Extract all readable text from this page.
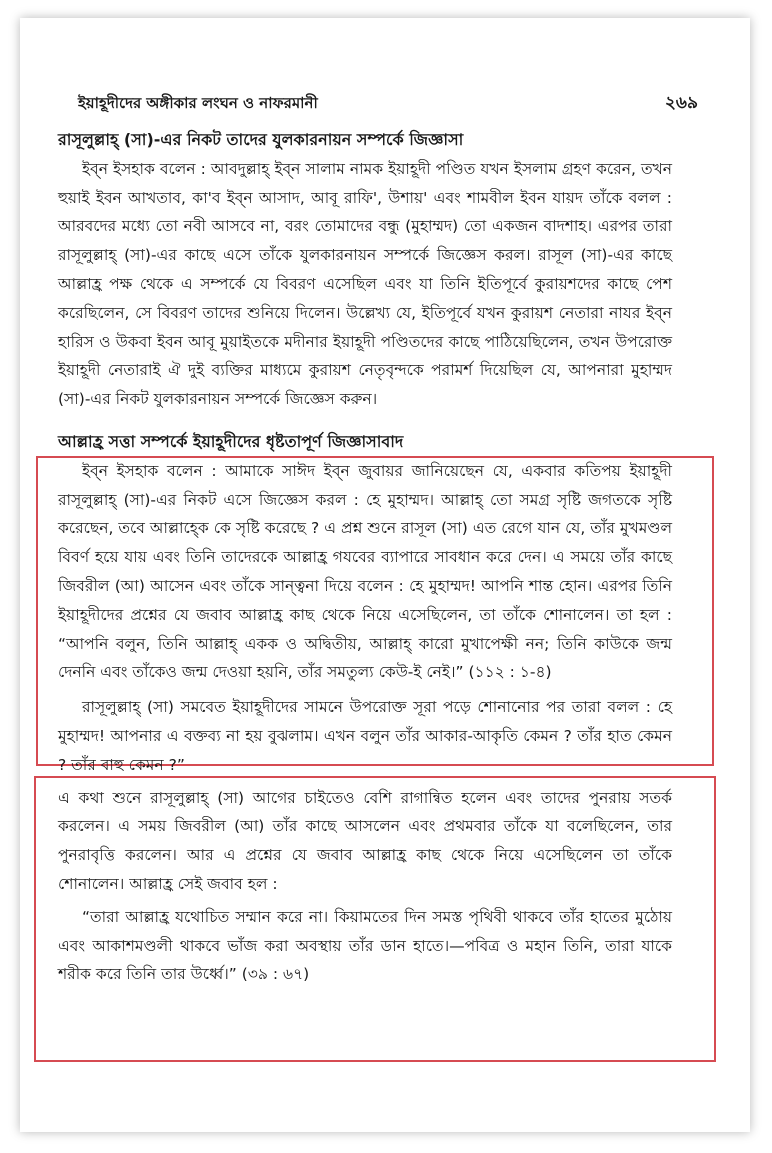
ইয়াহূদীদের অঙ্গীকার লংঘন ও নাফরমানী	২৬৯

রাসূলুল্লাহ্ (সা)-এর নিকট তাদের যুলকারনায়ন সম্পর্কে জিজ্ঞাসা

ইব্ন ইসহাক বলেন : আবদুল্লাহ্ ইব্ন সালাম নামক ইয়াহূদী পণ্ডিত যখন ইসলাম গ্রহণ করেন, তখন হুয়াই ইবন আখতাব, কা'ব ইব্ন আসাদ, আবূ রাফি', উশায়' এবং শামবীল ইবন যায়দ তাঁকে বলল : আরবদের মধ্যে তো নবী আসবে না, বরং তোমাদের বন্ধু (মুহাম্মদ) তো একজন বাদশাহ। এরপর তারা রাসূলুল্লাহ্ (সা)-এর কাছে এসে তাঁকে যুলকারনায়ন সম্পর্কে জিজ্ঞেস করল। রাসূল (সা)-এর কাছে আল্লাহ্র পক্ষ থেকে এ সম্পর্কে যে বিবরণ এসেছিল এবং যা তিনি ইতিপূর্বে কুরায়শদের কাছে পেশ করেছিলেন, সে বিবরণ তাদের শুনিয়ে দিলেন। উল্লেখ্য যে, ইতিপূর্বে যখন কুরায়শ নেতারা নাযর ইব্ন হারিস ও উকবা ইবন আবূ মুয়াইতকে মদীনার ইয়াহূদী পণ্ডিতদের কাছে পাঠিয়েছিলেন, তখন উপরোক্ত ইয়াহূদী নেতারাই ঐ দুই ব্যক্তির মাধ্যমে কুরায়শ নেতৃবৃন্দকে পরামর্শ দিয়েছিল যে, আপনারা মুহাম্মদ (সা)-এর নিকট যুলকারনায়ন সম্পর্কে জিজ্ঞেস করুন।

আল্লাহ্র সত্তা সম্পর্কে ইয়াহূদীদের ধৃষ্টতাপূর্ণ জিজ্ঞাসাবাদ

ইব্ন ইসহাক বলেন : আমাকে সাঈদ ইব্ন জুবায়র জানিয়েছেন যে, একবার কতিপয় ইয়াহূদী রাসূলুল্লাহ্ (সা)-এর নিকট এসে জিজ্ঞেস করল : হে মুহাম্মদ। আল্লাহ্ তো সমগ্র সৃষ্টি জগতকে সৃষ্টি করেছেন, তবে আল্লাহ্কে কে সৃষ্টি করেছে ? এ প্রশ্ন শুনে রাসূল (সা) এত রেগে যান যে, তাঁর মুখমণ্ডল বিবর্ণ হয়ে যায় এবং তিনি তাদেরকে আল্লাহ্র গযবের ব্যাপারে সাবধান করে দেন। এ সময়ে তাঁর কাছে জিবরীল (আ) আসেন এবং তাঁকে সান্ত্বনা দিয়ে বলেন : হে মুহাম্মদ! আপনি শান্ত হোন। এরপর তিনি ইয়াহূদীদের প্রশ্নের যে জবাব আল্লাহ্র কাছ থেকে নিয়ে এসেছিলেন, তা তাঁকে শোনালেন। তা হল : “আপনি বলুন, তিনি আল্লাহ্ একক ও অদ্বিতীয়, আল্লাহ্ কারো মুখাপেক্ষী নন; তিনি কাউকে জন্ম দেননি এবং তাঁকেও জন্ম দেওয়া হয়নি, তাঁর সমতুল্য কেউ-ই নেই।” (১১২ : ১-৪)

রাসূলুল্লাহ্ (সা) সমবেত ইয়াহূদীদের সামনে উপরোক্ত সূরা পড়ে শোনানোর পর তারা বলল : হে মুহাম্মদ! আপনার এ বক্তব্য না হয় বুঝলাম। এখন বলুন তাঁর আকার-আকৃতি কেমন ? তাঁর হাত কেমন ? তাঁর বাহু কেমন ?”

এ কথা শুনে রাসূলুল্লাহ্ (সা) আগের চাইতেও বেশি রাগান্বিত হলেন এবং তাদের পুনরায় সতর্ক করলেন। এ সময় জিবরীল (আ) তাঁর কাছে আসলেন এবং প্রথমবার তাঁকে যা বলেছিলেন, তার পুনরাবৃত্তি করলেন। আর এ প্রশ্নের যে জবাব আল্লাহ্র কাছ থেকে নিয়ে এসেছিলেন তা তাঁকে শোনালেন। আল্লাহ্র সেই জবাব হল :

“তারা আল্লাহ্র যথোচিত সম্মান করে না। কিয়ামতের দিন সমস্ত পৃথিবী থাকবে তাঁর হাতের মুঠোয় এবং আকাশমণ্ডলী থাকবে ভাঁজ করা অবস্থায় তাঁর ডান হাতে।—পবিত্র ও মহান তিনি, তারা যাকে শরীক করে তিনি তার উর্ধ্বে।” (৩৯ : ৬৭)
